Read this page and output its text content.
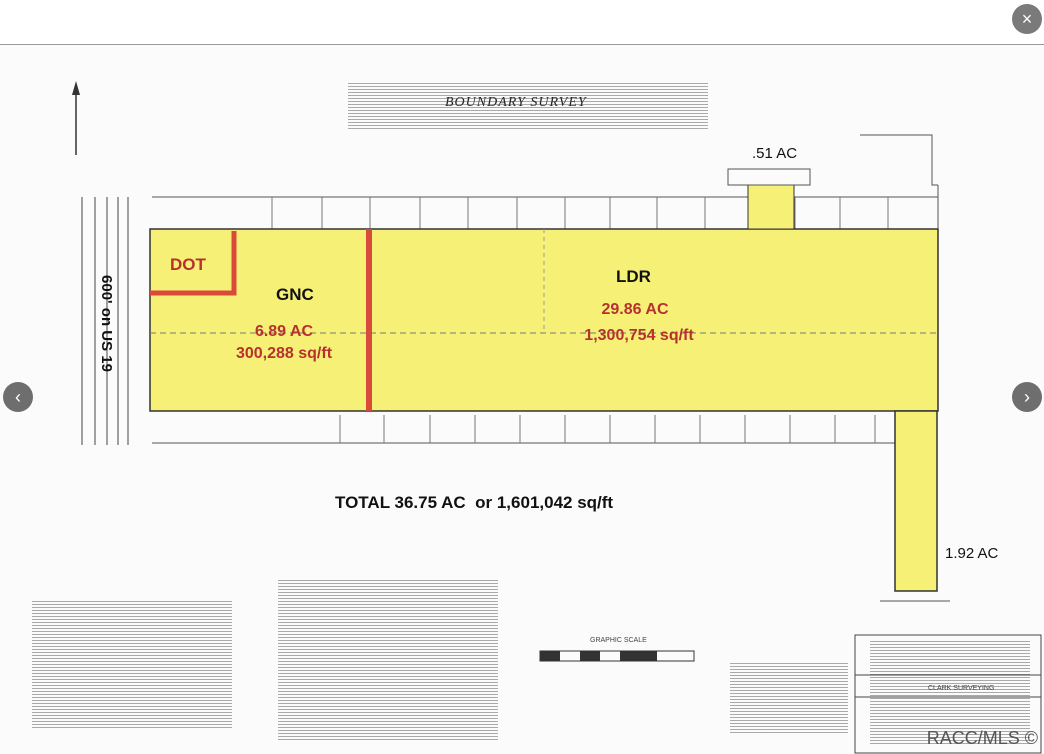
BOUNDARY SURVEY
DOT
GNC
LDR
6.89 AC
300,288 sq/ft
29.86 AC
1,300,754 sq/ft
600' on US 19
.51 AC
1.92 AC
TOTAL 36.75 AC  or 1,601,042 sq/ft
GRAPHIC SCALE
CLARK SURVEYING
×
‹	›
RACC/MLS ©
